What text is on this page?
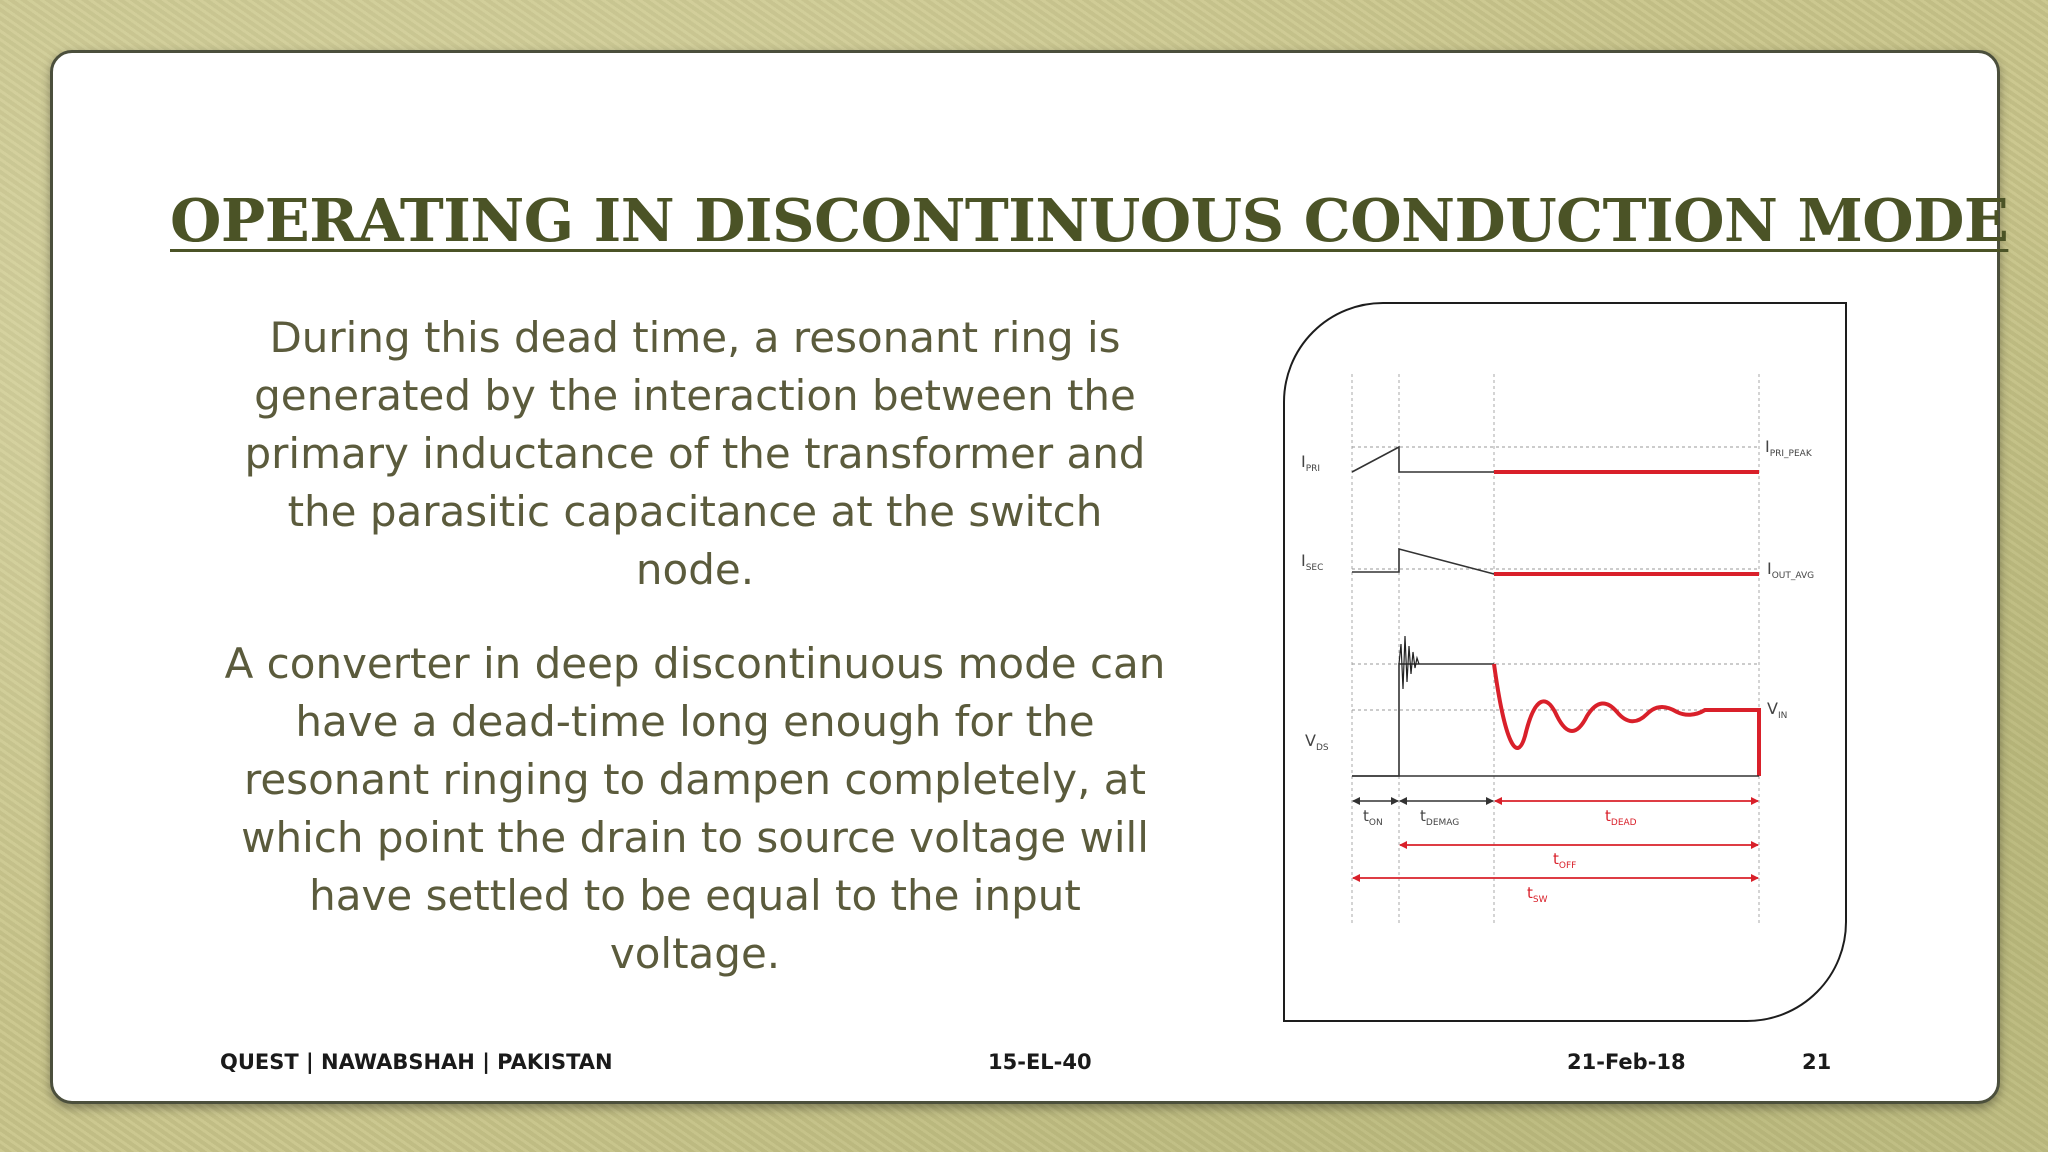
OPERATING IN DISCONTINUOUS CONDUCTION MODE

During this dead time, a resonant ring is generated by the interaction between the primary inductance of the transformer and the parasitic capacitance at the switch node.

A converter in deep discontinuous mode can have a dead-time long enough for the resonant ringing to dampen completely, at which point the drain to source voltage will have settled to be equal to the input voltage.

$I_{PRI}$
$I_{PRI\_PEAK}$
$I_{SEC}$	$I_{OUT\_AVG}$
$V_{DS}$
$V_{IN}$
$t_{ON}$ $t_{DEMAG}$	$t_{DEAD}$
$t_{OFF}$
$t_{SW}$
QUEST | NAWABSHAH | PAKISTAN	15-EL-40	21-Feb-18	21
